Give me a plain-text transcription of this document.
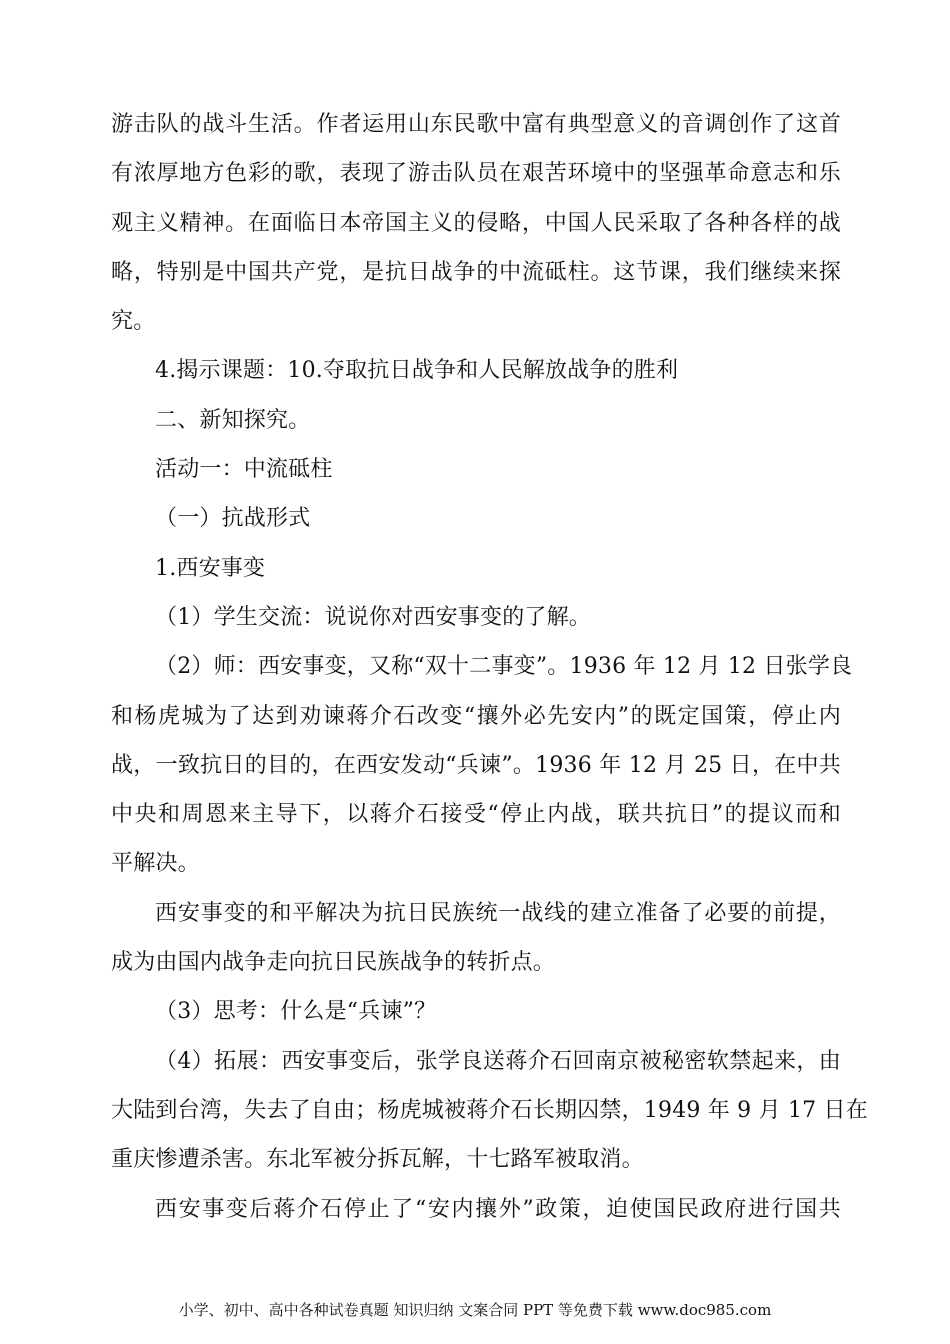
游击队的战斗生活。作者运用山东民歌中富有典型意义的音调创作了这首
有浓厚地方色彩的歌，表现了游击队员在艰苦环境中的坚强革命意志和乐
观主义精神。在面临日本帝国主义的侵略，中国人民采取了各种各样的战
略，特别是中国共产党，是抗日战争的中流砥柱。这节课，我们继续来探
究。
4.揭示课题：10.夺取抗日战争和人民解放战争的胜利
二、新知探究。
活动一：中流砥柱
（一）抗战形式
1.西安事变
（1）学生交流：说说你对西安事变的了解。
（2）师：西安事变，又称“双十二事变”。1936 年 12 月 12 日张学良
和杨虎城为了达到劝谏蒋介石改变“攘外必先安内”的既定国策，停止内
战，一致抗日的目的，在西安发动“兵谏”。1936 年 12 月 25 日，在中共
中央和周恩来主导下，以蒋介石接受“停止内战，联共抗日”的提议而和
平解决。
西安事变的和平解决为抗日民族统一战线的建立准备了必要的前提，
成为由国内战争走向抗日民族战争的转折点。
（3）思考：什么是“兵谏”？
（4）拓展：西安事变后，张学良送蒋介石回南京被秘密软禁起来，由
大陆到台湾，失去了自由；杨虎城被蒋介石长期囚禁，1949 年 9 月 17 日在
重庆惨遭杀害。东北军被分拆瓦解，十七路军被取消。
西安事变后蒋介石停止了“安内攘外”政策，迫使国民政府进行国共
小学、初中、高中各种试卷真题 知识归纳 文案合同 PPT 等免费下载 www.doc985.com
